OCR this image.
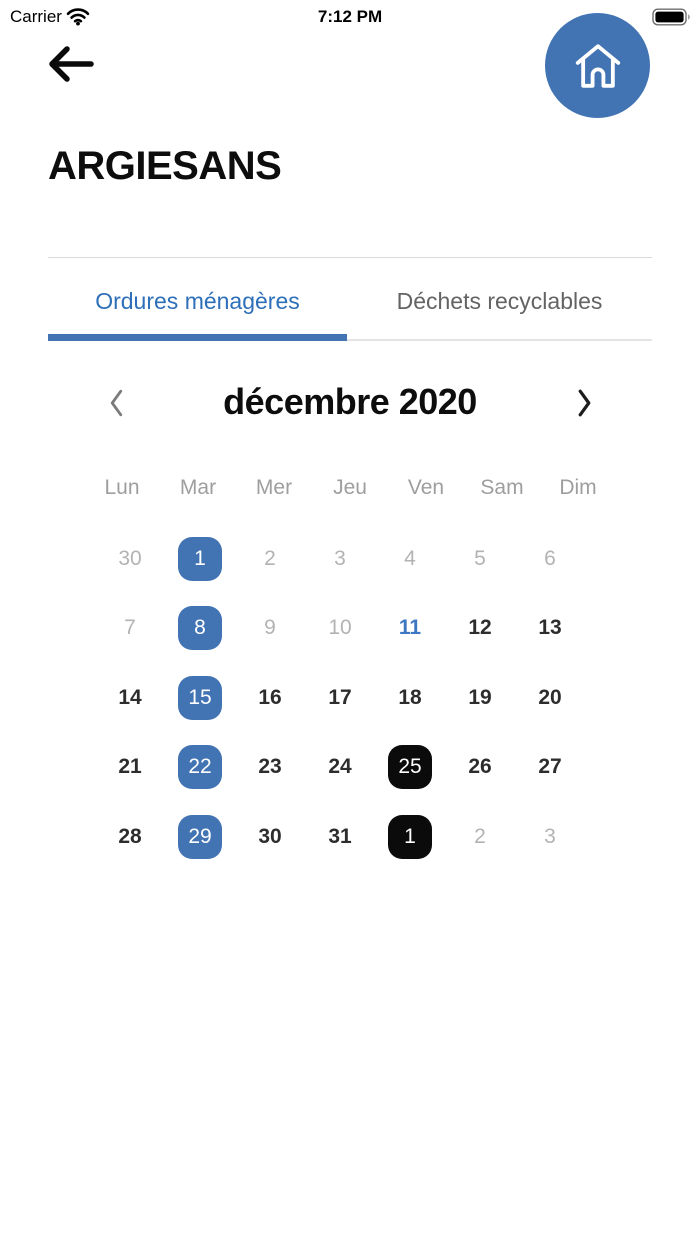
Carrier	7:12 PM
ARGIESANS
Ordures ménagères	Déchets recyclables
décembre 2020
Lun	Mar	Mer	Jeu	Ven	Sam	Dim
30	1	2	3	4	5	6
7	8	9	10	11	12	13
14	15	16	17	18	19	20
21	22	23	24	25	26	27
28	29	30	31	1	2	3
